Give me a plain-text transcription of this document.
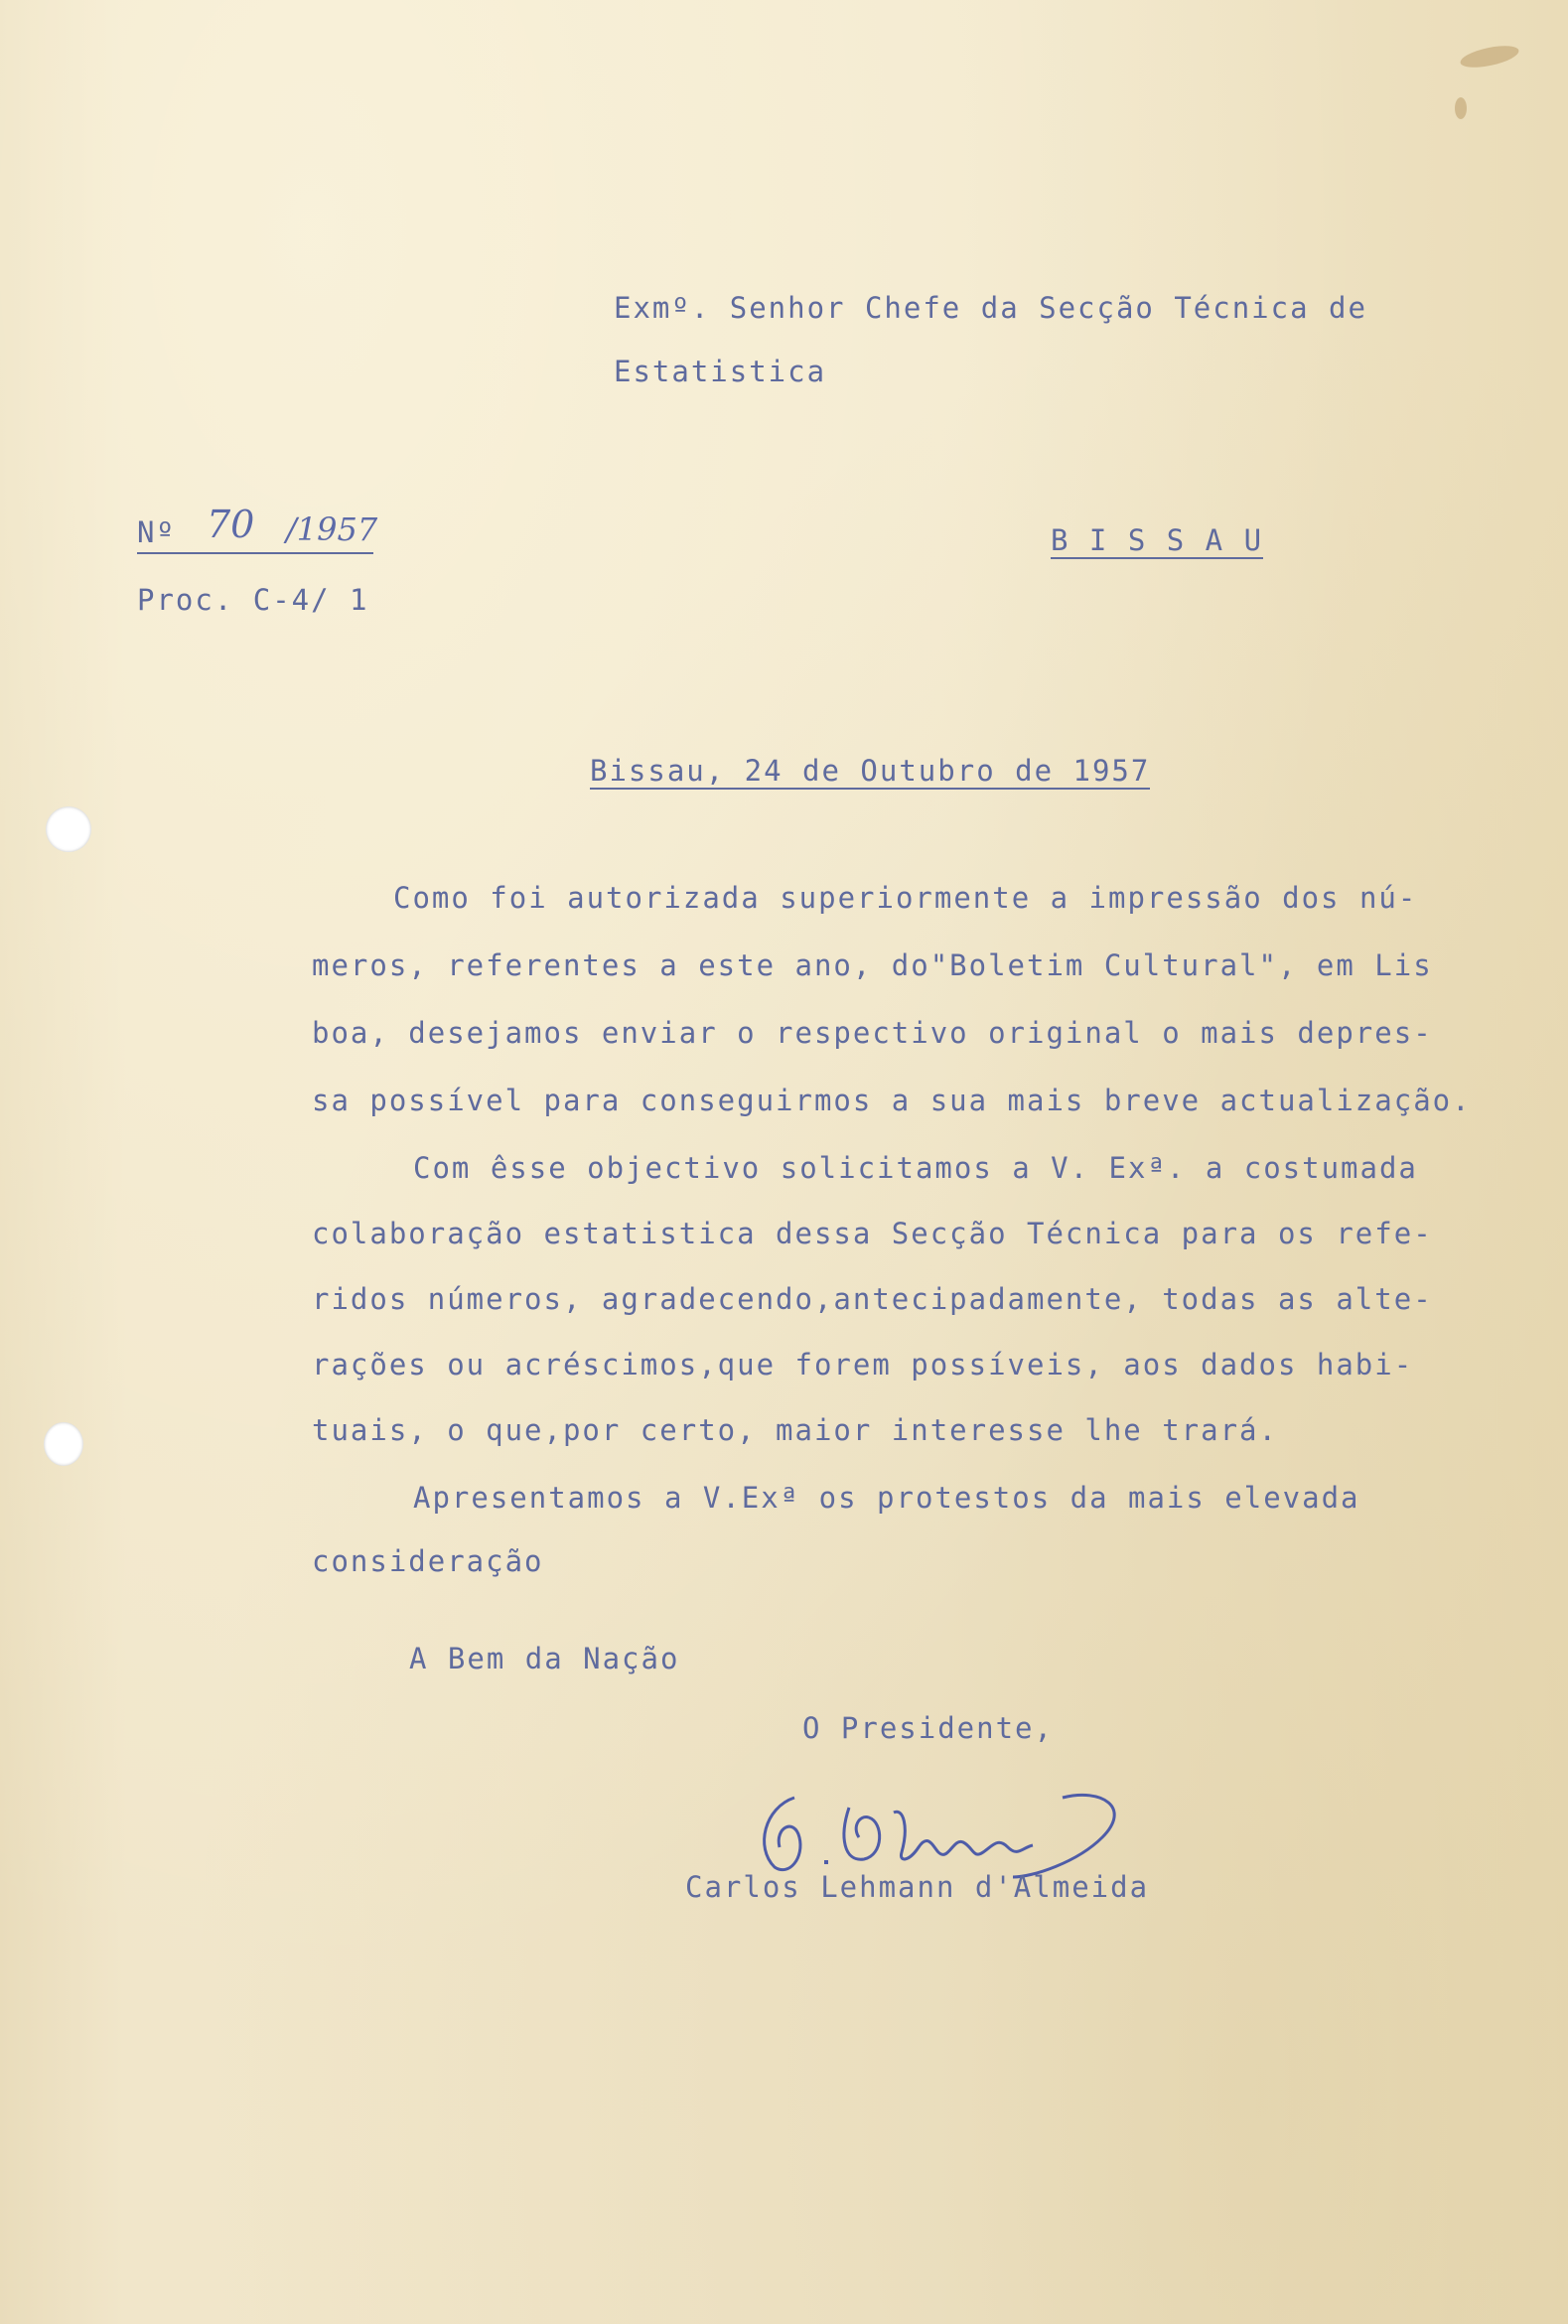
Exmº. Senhor Chefe da Secção Técnica de
Estatistica
Nº 70 /1957
Proc. C-4/ 1
B I S S A U
Bissau, 24 de Outubro de 1957
Como foi autorizada superiormente a impressão dos nú-
meros, referentes a este ano, do"Boletim Cultural", em Lis
boa, desejamos enviar o respectivo original o mais depres-
sa possível para conseguirmos a sua mais breve actualização.
Com êsse objectivo solicitamos a V. Exª. a costumada
colaboração estatistica dessa Secção Técnica para os refe-
ridos números, agradecendo,antecipadamente, todas as alte-
rações ou acréscimos,que forem possíveis, aos dados habi-
tuais, o que,por certo, maior interesse lhe trará.
Apresentamos a V.Exª os protestos da mais elevada
consideração
A Bem da Nação
O Presidente,
Carlos Lehmann d'Almeida
